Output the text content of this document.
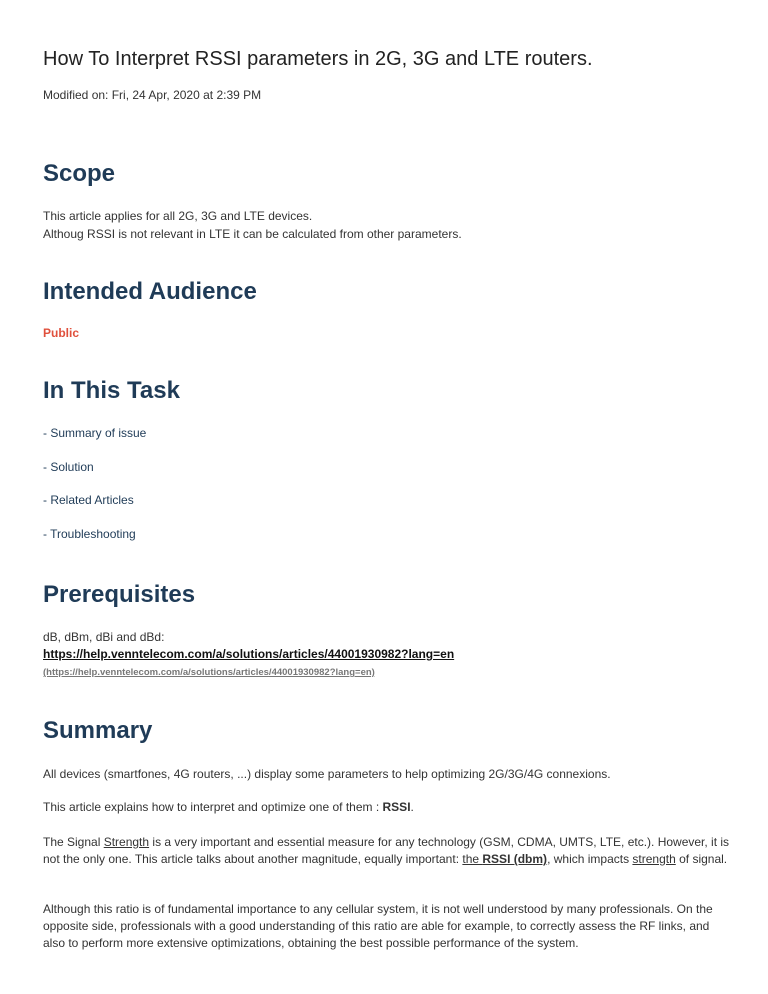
How To Interpret RSSI parameters in 2G, 3G and LTE routers.
Modified on: Fri, 24 Apr, 2020 at 2:39 PM
Scope
This article applies for all 2G, 3G and LTE devices.
Althoug RSSI is not relevant in LTE it can be calculated from other parameters.
Intended Audience
Public
In This Task
- Summary of issue
- Solution
- Related Articles
- Troubleshooting
Prerequisites
dB, dBm, dBi and dBd:
https://help.venntelecom.com/a/solutions/articles/44001930982?lang=en
(https://help.venntelecom.com/a/solutions/articles/44001930982?lang=en)
Summary
All devices (smartfones, 4G routers, ...) display some parameters to help optimizing 2G/3G/4G connexions.
This article explains how to interpret and optimize one of them : RSSI.
The Signal Strength is a very important and essential measure for any technology (GSM, CDMA, UMTS, LTE, etc.). However, it is not the only one. This article talks about another magnitude, equally important: the RSSI (dbm), which impacts strength of signal.
Although this ratio is of fundamental importance to any cellular system, it is not well understood by many professionals. On the opposite side, professionals with a good understanding of this ratio are able for example, to correctly assess the RF links, and also to perform more extensive optimizations, obtaining the best possible performance of the system.
